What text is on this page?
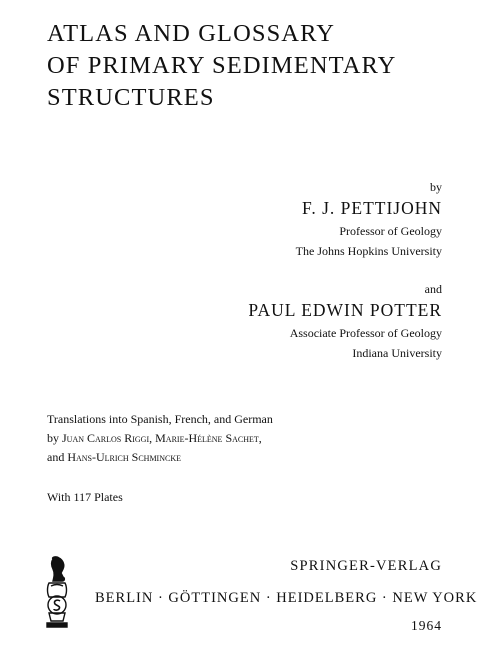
ATLAS AND GLOSSARY
OF PRIMARY SEDIMENTARY
STRUCTURES
by
F. J. PETTIJOHN
Professor of Geology
The Johns Hopkins University
and
PAUL EDWIN POTTER
Associate Professor of Geology
Indiana University
Translations into Spanish, French, and German
by Juan Carlos Riggi, Marie-Hélène Sachet,
and Hans-Ulrich Schmincke
With 117 Plates
SPRINGER-VERLAG
BERLIN · GÖTTINGEN · HEIDELBERG · NEW YORK
1964
